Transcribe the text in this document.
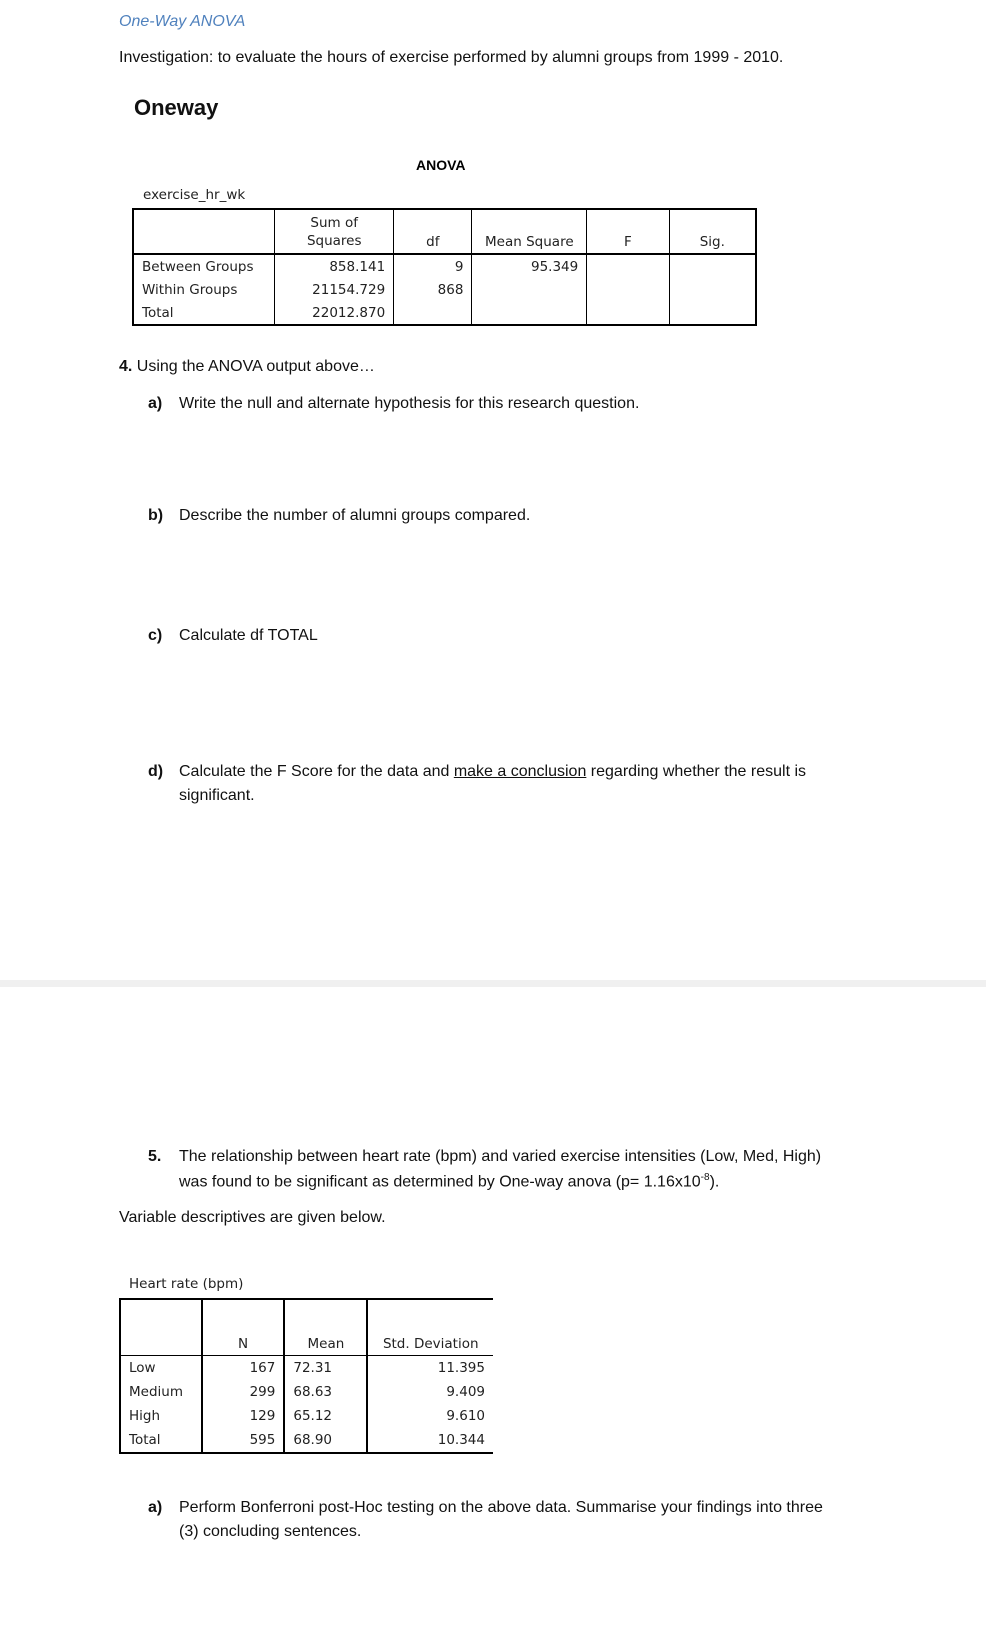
One-Way ANOVA
Investigation: to evaluate the hours of exercise performed by alumni groups from 1999 - 2010.
Oneway
ANOVA
exercise_hr_wk
	Sum of Squares	df	Mean Square	F	Sig.
Between Groups	858.141	9	95.349		
Within Groups	21154.729	868			
Total	22012.870				
4. Using the ANOVA output above…
a) Write the null and alternate hypothesis for this research question.
b) Describe the number of alumni groups compared.
c) Calculate df TOTAL
d) Calculate the F Score for the data and make a conclusion regarding whether the result is
significant.
5. The relationship between heart rate (bpm) and varied exercise intensities (Low, Med, High)
was found to be significant as determined by One-way anova $(p= 1.16x10^{-8})$.
Variable descriptives are given below.
Heart rate (bpm)
	N	Mean	Std. Deviation
Low	167	72.31	11.395
Medium	299	68.63	9.409
High	129	65.12	9.610
Total	595	68.90	10.344
a) Perform Bonferroni post-Hoc testing on the above data. Summarise your findings into three
(3) concluding sentences.
